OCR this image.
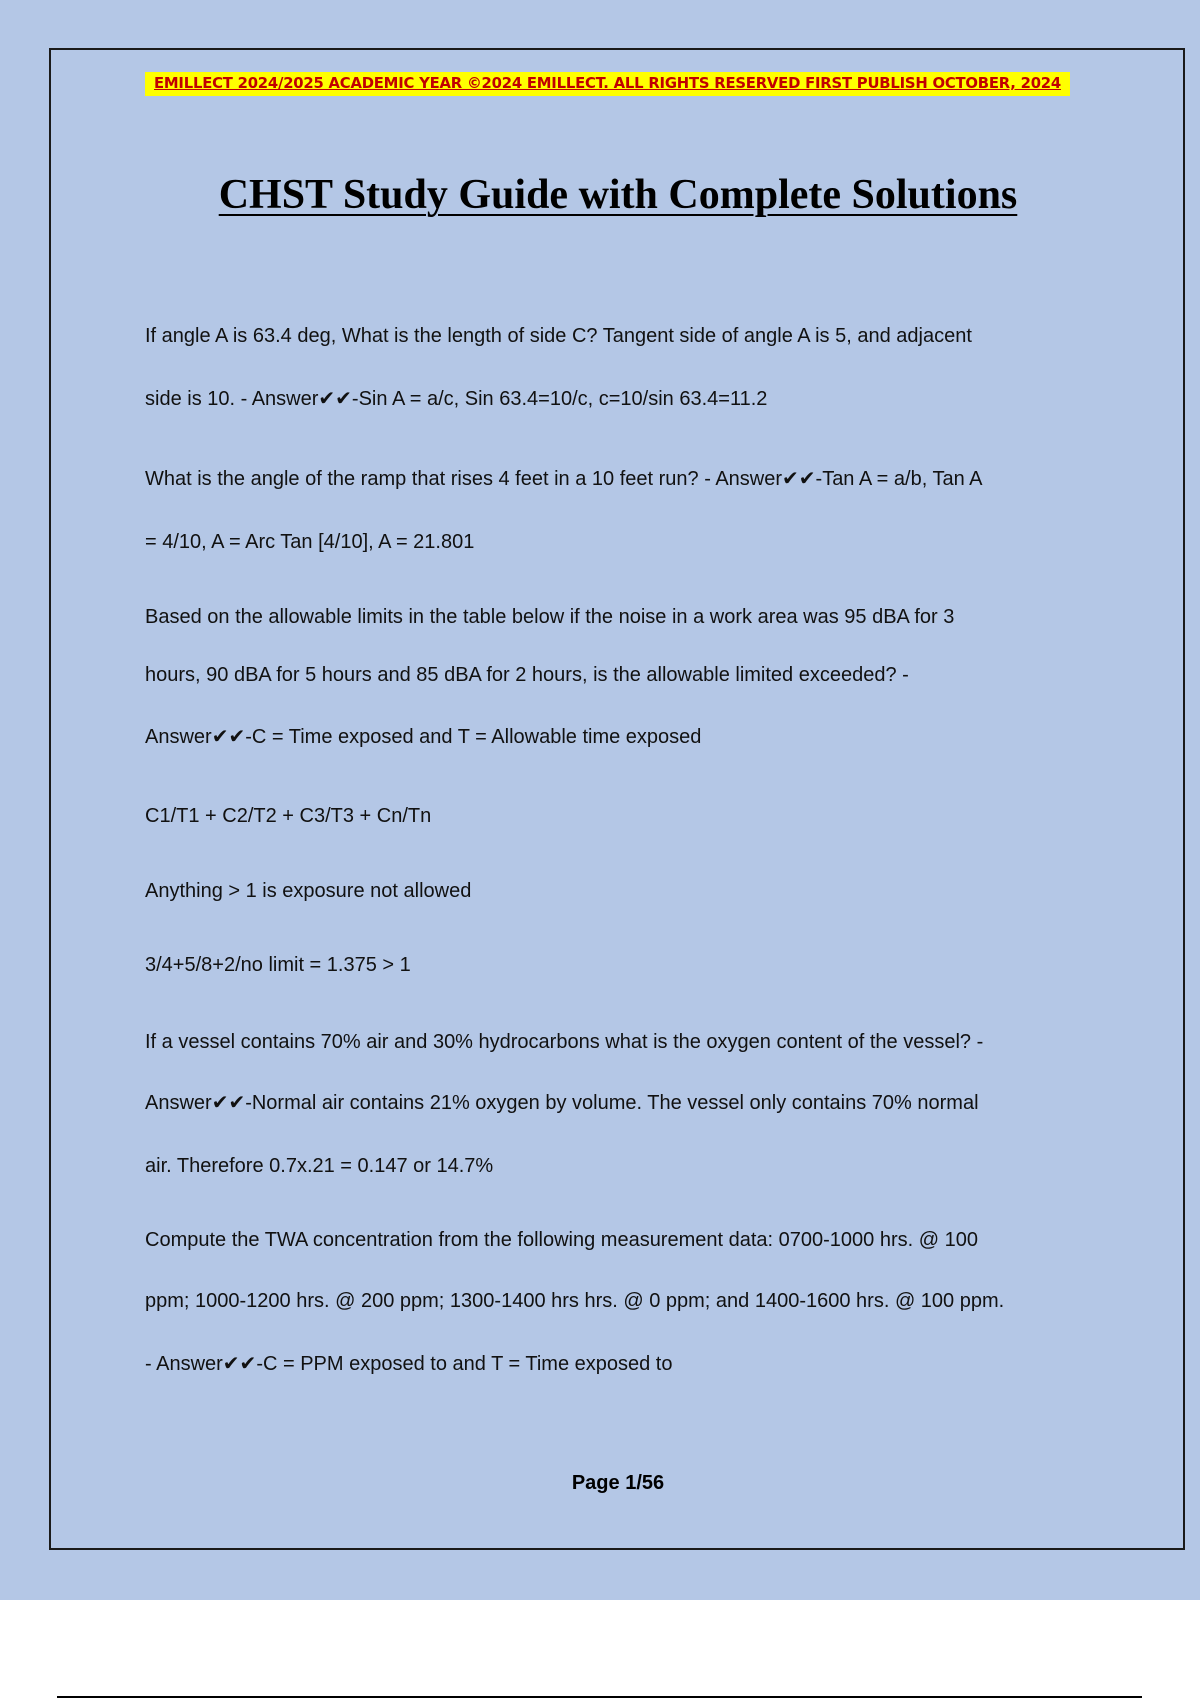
EMILLECT 2024/2025 ACADEMIC YEAR ©2024 EMILLECT. ALL RIGHTS RESERVED FIRST PUBLISH OCTOBER, 2024
CHST Study Guide with Complete Solutions
If angle A is 63.4 deg, What is the length of side C? Tangent side of angle A is 5, and adjacent
side is 10. - Answer✔✔-Sin A = a/c, Sin 63.4=10/c, c=10/sin 63.4=11.2
What is the angle of the ramp that rises 4 feet in a 10 feet run? - Answer✔✔-Tan A = a/b, Tan A
= 4/10, A = Arc Tan [4/10], A = 21.801
Based on the allowable limits in the table below if the noise in a work area was 95 dBA for 3
hours, 90 dBA for 5 hours and 85 dBA for 2 hours, is the allowable limited exceeded? -
Answer✔✔-C = Time exposed and T = Allowable time exposed
C1/T1 + C2/T2 + C3/T3 + Cn/Tn
Anything > 1 is exposure not allowed
3/4+5/8+2/no limit = 1.375 > 1
If a vessel contains 70% air and 30% hydrocarbons what is the oxygen content of the vessel? -
Answer✔✔-Normal air contains 21% oxygen by volume. The vessel only contains 70% normal
air. Therefore 0.7x.21 = 0.147 or 14.7%
Compute the TWA concentration from the following measurement data: 0700-1000 hrs. @ 100
ppm; 1000-1200 hrs. @ 200 ppm; 1300-1400 hrs hrs. @ 0 ppm; and 1400-1600 hrs. @ 100 ppm.
- Answer✔✔-C = PPM exposed to and T = Time exposed to
Page 1/56
